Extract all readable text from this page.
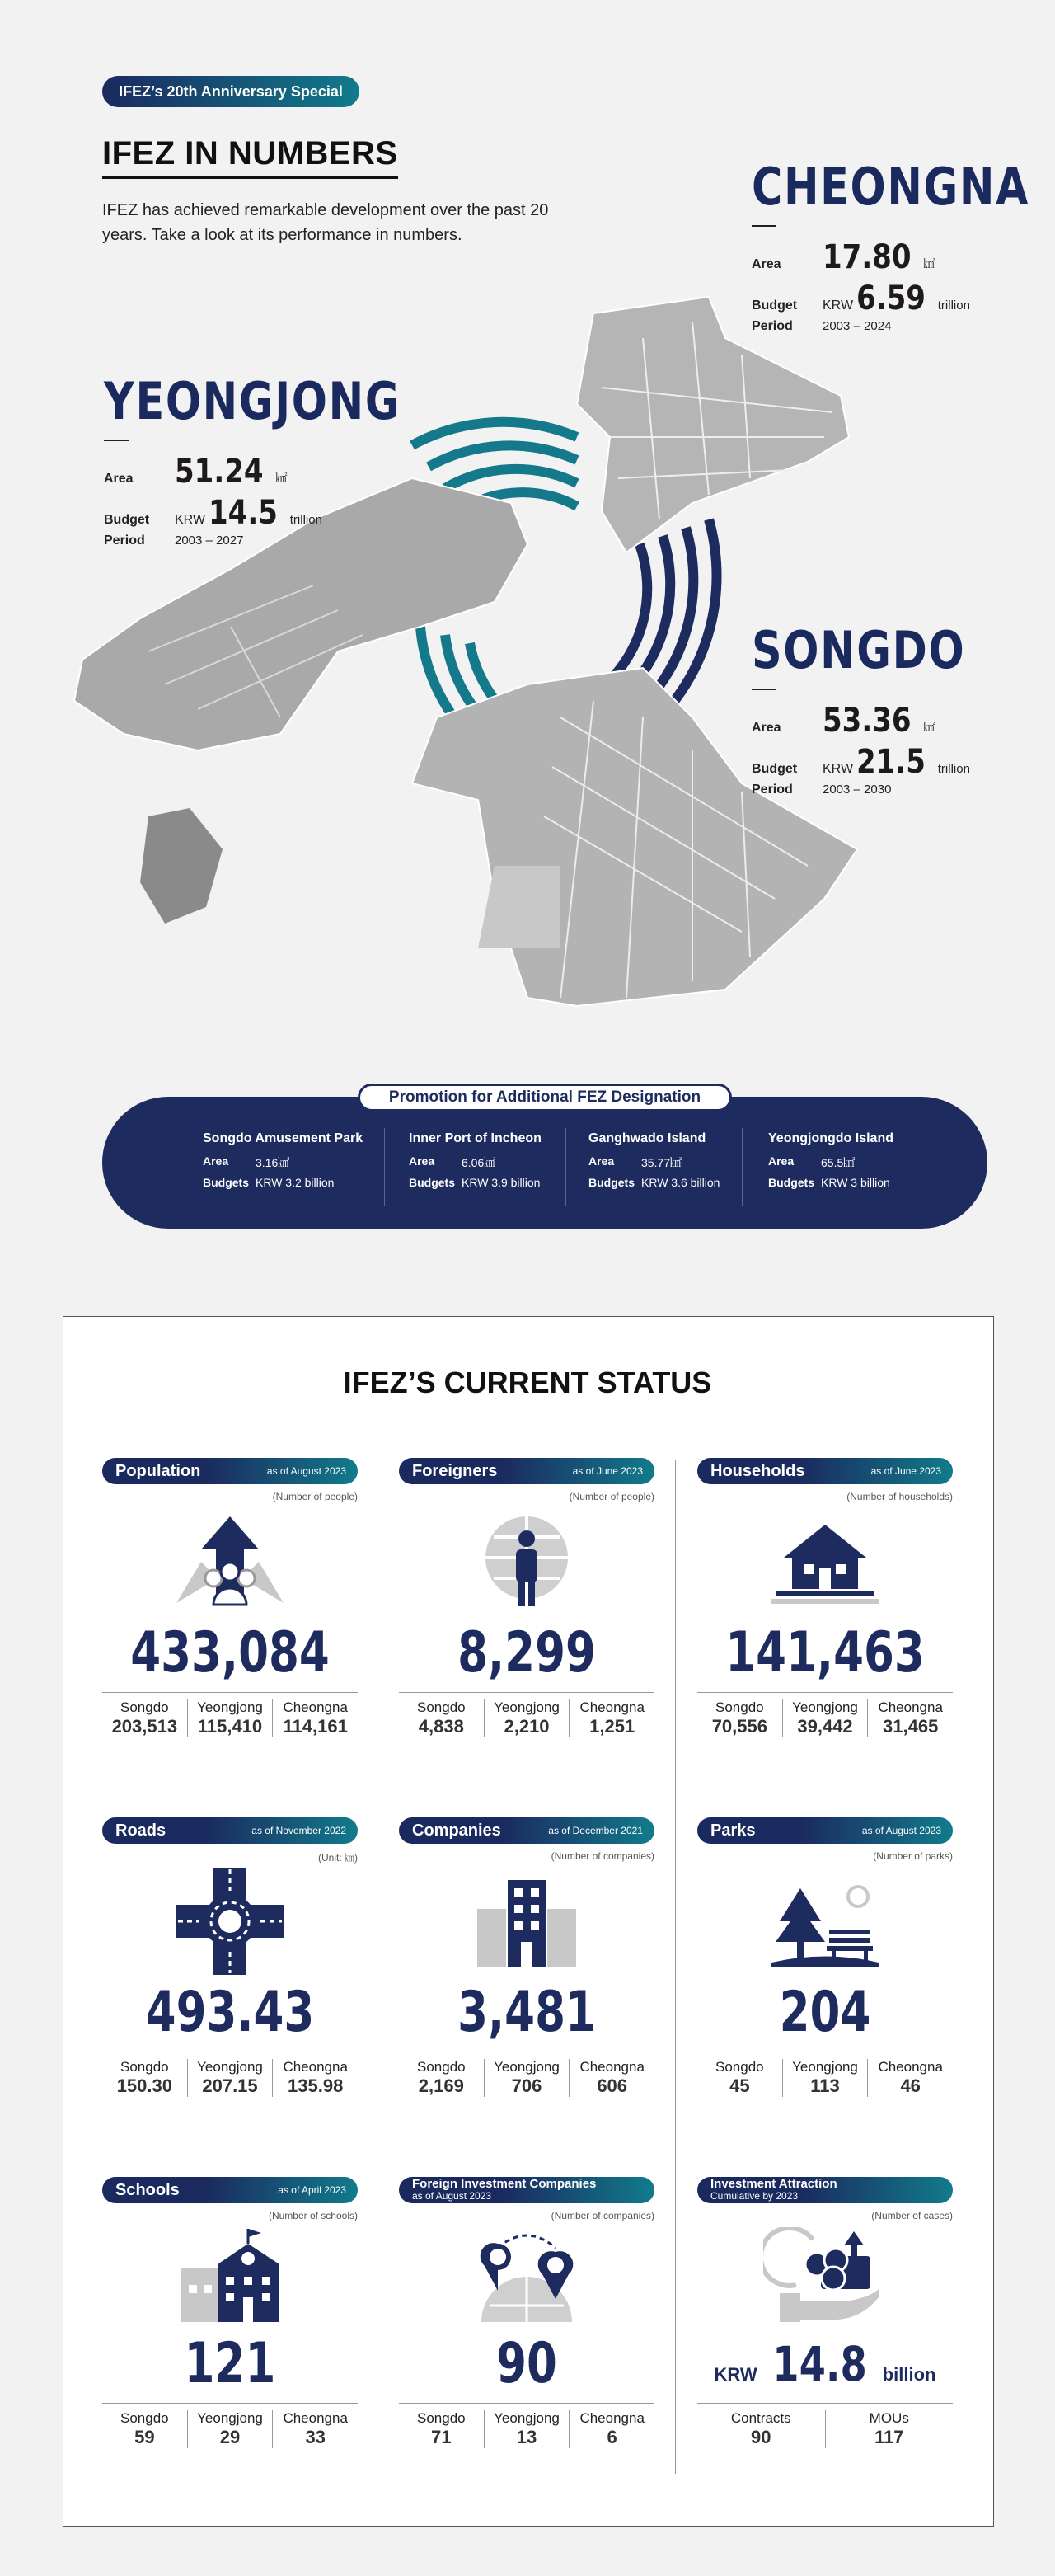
IFEZ’s 20th Anniversary Special
IFEZ IN NUMBERS
IFEZ has achieved remarkable development over the past 20 years. Take a look at its performance in numbers.
CHEONGNA
Area	17.80 ㎢
Budget	KRW 6.59 trillion
Period	2003 – 2024
YEONGJONG
Area	51.24 ㎢
Budget	KRW 14.5 trillion
Period	2003 – 2027
SONGDO
Area	53.36 ㎢
Budget	KRW 21.5 trillion
Period	2003 – 2030
Promotion for Additional FEZ Designation
Songdo Amusement Park
Area	3.16㎢
Budgets KRW 3.2 billion
Inner Port of Incheon
Area	6.06㎢
Budgets KRW 3.9 billion
Ganghwado Island
Area	35.77㎢
Budgets KRW 3.6 billion
Yeongjongdo Island
Area	65.5㎢
Budgets KRW 3 billion
IFEZ’S CURRENT STATUS
Population	as of August 2023
(Number of people)
433,084
Songdo
203,513
Yeongjong
115,410
Cheongna
114,161
Foreigners	as of June 2023
(Number of people)
8,299
Songdo
4,838
Yeongjong
2,210
Cheongna
1,251
Households	as of June 2023
(Number of households)
141,463
Songdo
70,556
Yeongjong
39,442
Cheongna
31,465
Roads	as of November 2022
(Unit: ㎞)
493.43
Songdo
150.30
Yeongjong
207.15
Cheongna
135.98
Companies	as of December 2021
(Number of companies)
3,481
Songdo
2,169
Yeongjong
706
Cheongna
606
Parks	as of August 2023
(Number of parks)
204
Songdo
45
Yeongjong
113
Cheongna
46
Schools	as of April 2023
(Number of schools)
121
Songdo
59
Yeongjong
29
Cheongna
33
Foreign Investment Companies
as of August 2023
(Number of companies)
90
Songdo
71
Yeongjong
13
Cheongna
6
Investment Attraction
Cumulative by 2023
(Number of cases)
KRW 14.8 billion
Contracts
90
MOUs
117
